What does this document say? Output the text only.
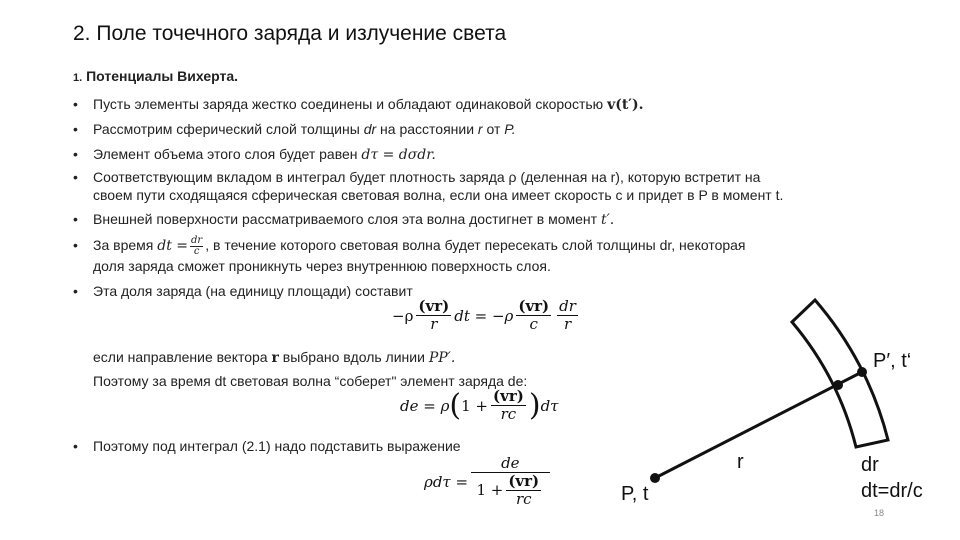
2. Поле точечного заряда и излучение света
1. Потенциалы Вихерта.
• Пусть элементы заряда жестко соединены и обладают одинаковой скоростью v(t′).
• Рассмотрим сферический слой толщины dr на расстоянии r от P.
• Элемент объема этого слоя будет равен dτ = dσdr.
• Соответствующим вкладом в интеграл будет плотность заряда ρ (деленная на r), которую встретит на
своем пути сходящаяся сферическая световая волна, если она имеет скорость c и придет в P в момент t.
• Внешней поверхности рассматриваемого слоя эта волна достигнет в момент t′.
• За время dt = $\frac{dr}{c}$ , в течение которого световая волна будет пересекать слой толщины dr, некоторая
доля заряда сможет проникнуть через внутреннюю поверхность слоя.
• Эта доля заряда (на единицу площади) составит
$-\rho \frac{(vr)}{r}$ dt = $-\rho \frac{(vr)}{c} \frac{dr}{r}$
если направление вектора r выбрано вдоль линии PP′.
Поэтому за время dt световая волна “соберет" элемент заряда de:
de = ρ ( $1 + \frac{(vr)}{rc}$ ) dτ
• Поэтому под интеграл (2.1) надо подставить выражение
$\rho d\tau = \frac{de}{1 + \frac{(vr)}{rc}}$	P, t
r
P′, t‘
dr
dt=dr/c
18
